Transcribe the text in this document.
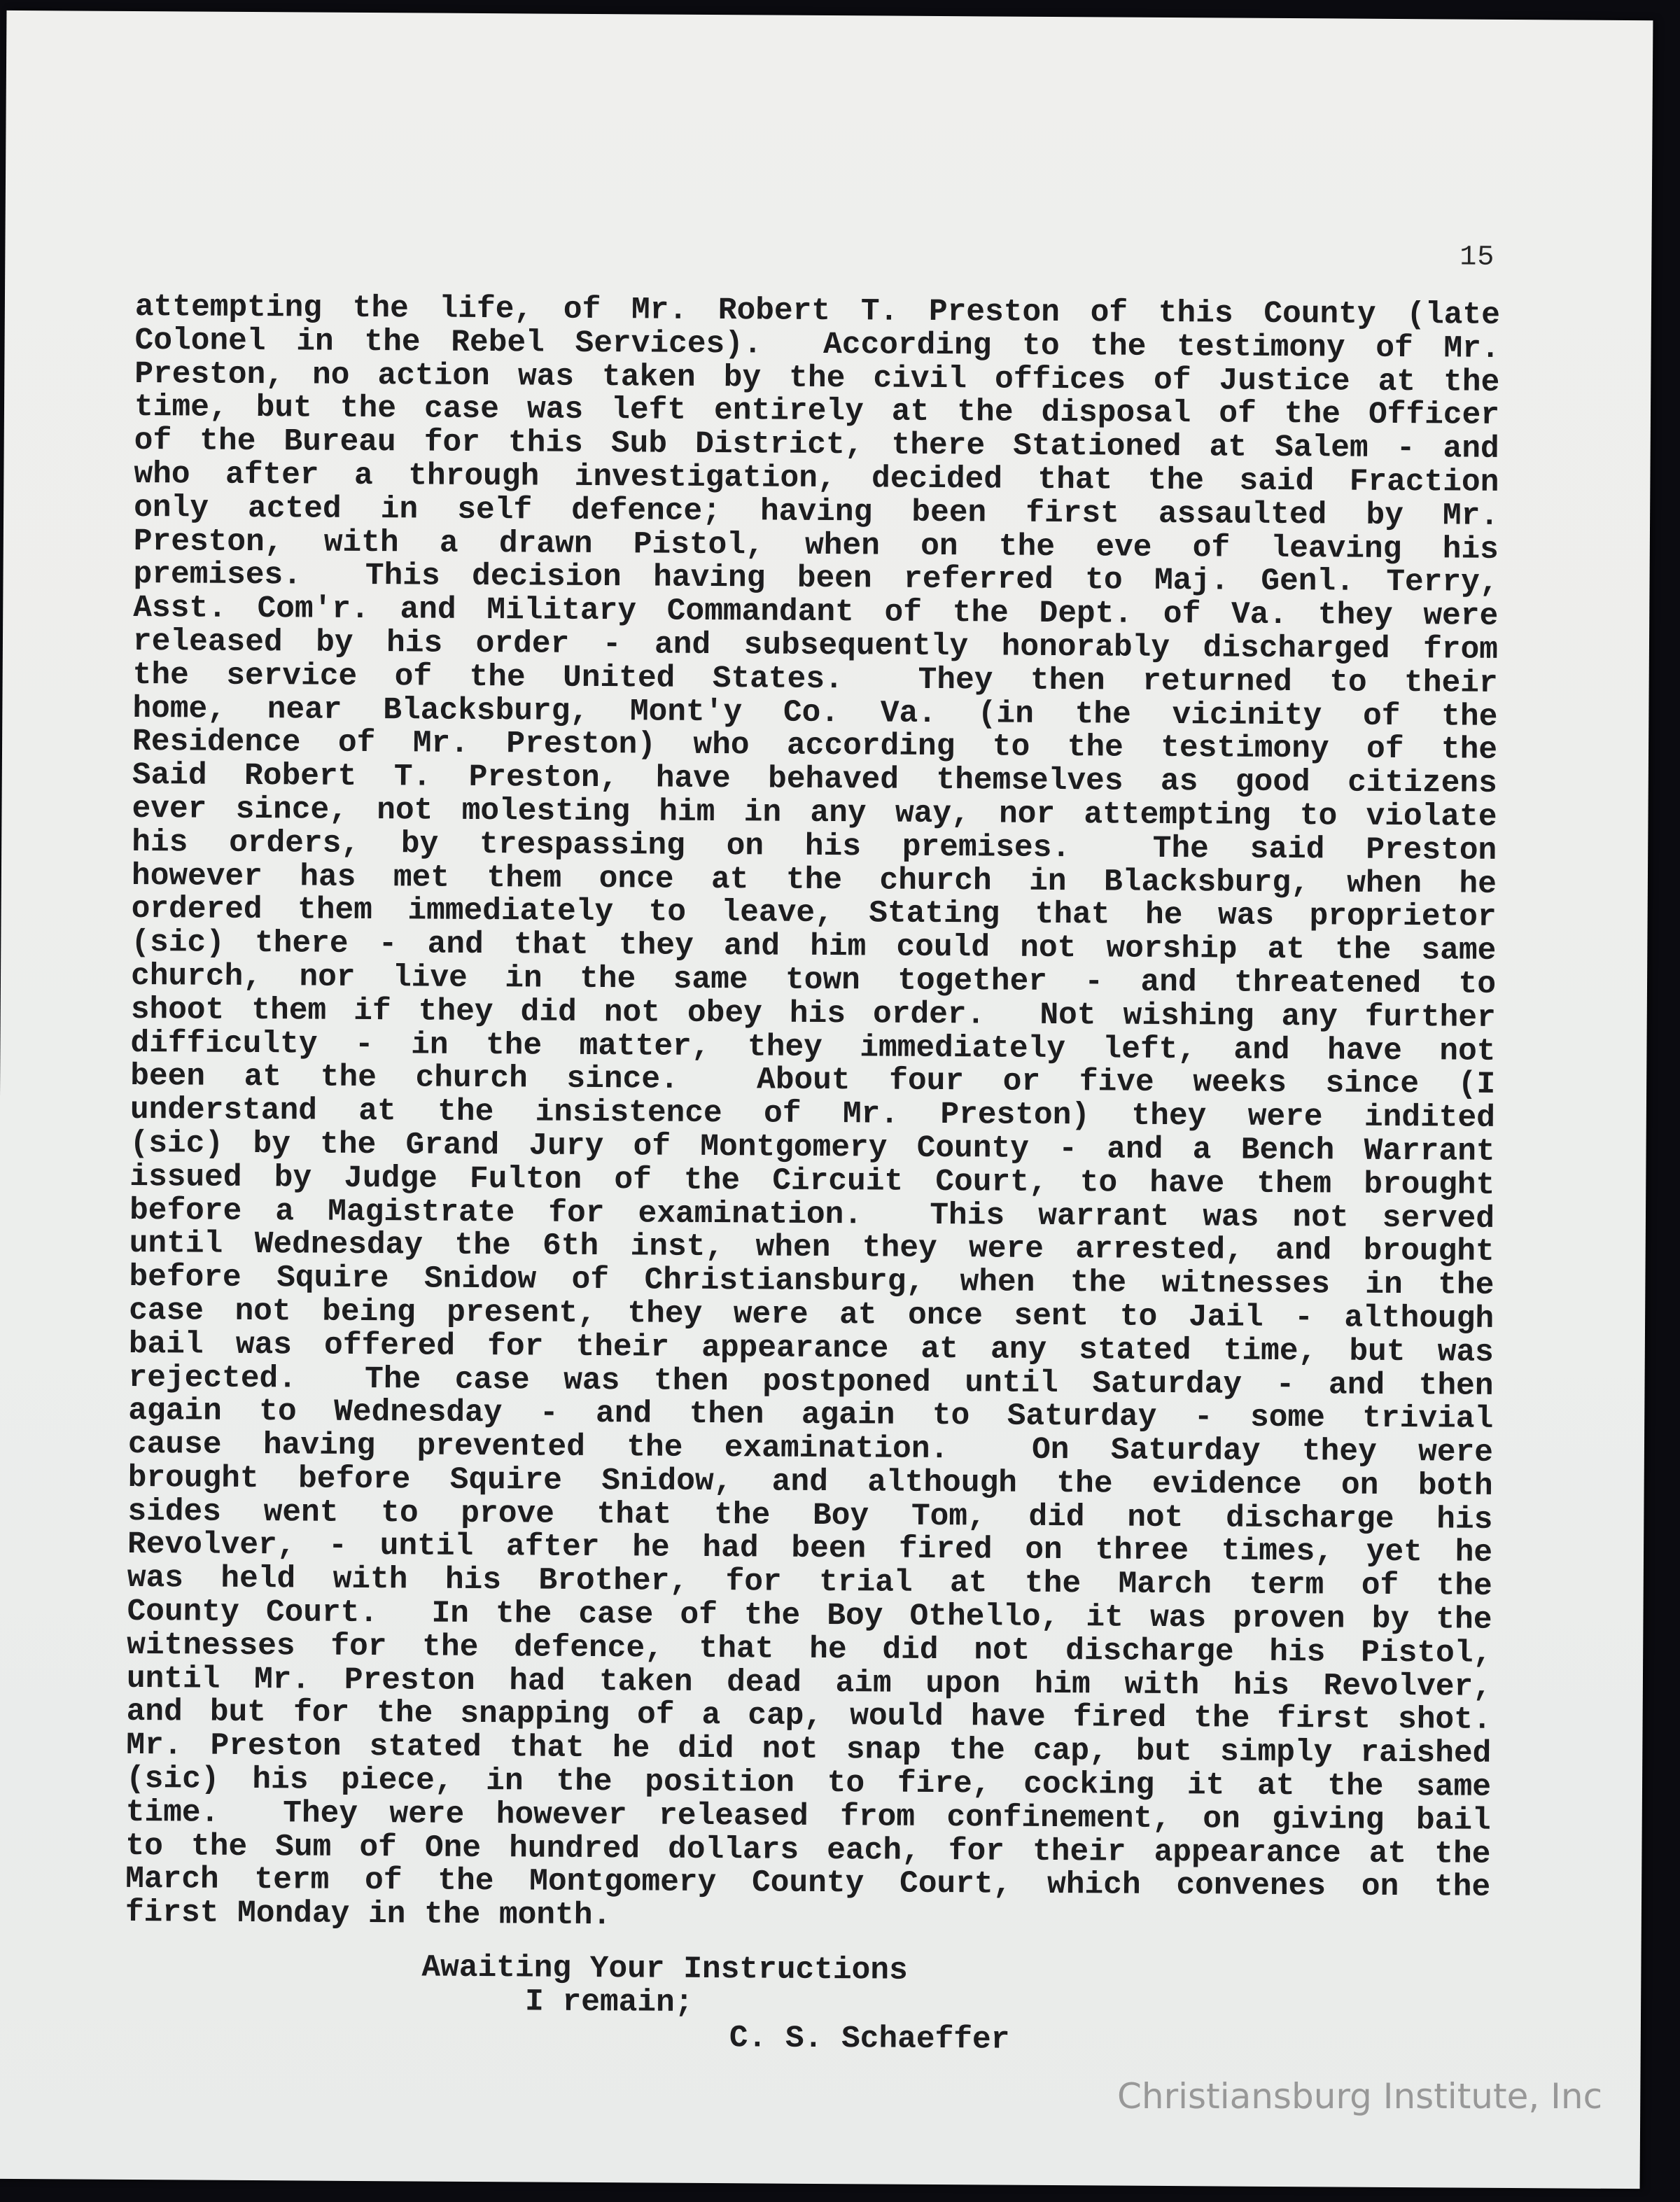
15
attempting the life, of Mr. Robert T. Preston of this County (late
Colonel in the Rebel Services).  According to the testimony of Mr.
Preston, no action was taken by the civil offices of Justice at the
time, but the case was left entirely at the disposal of the Officer
of the Bureau for this Sub District, there Stationed at Salem - and
who after a through investigation, decided that the said Fraction
only acted in self defence; having been first assaulted by Mr.
Preston, with a drawn Pistol, when on the eve of leaving his
premises.  This decision having been referred to Maj. Genl. Terry,
Asst. Com'r. and Military Commandant of the Dept. of Va. they were
released by his order - and subsequently honorably discharged from
the service of the United States.  They then returned to their
home, near Blacksburg, Mont'y Co. Va. (in the vicinity of the
Residence of Mr. Preston) who according to the testimony of the
Said Robert T. Preston, have behaved themselves as good citizens
ever since, not molesting him in any way, nor attempting to violate
his orders, by trespassing on his premises.  The said Preston
however has met them once at the church in Blacksburg, when he
ordered them immediately to leave, Stating that he was proprietor
(sic) there - and that they and him could not worship at the same
church, nor live in the same town together - and threatened to
shoot them if they did not obey his order.  Not wishing any further
difficulty - in the matter, they immediately left, and have not
been at the church since.  About four or five weeks since (I
understand at the insistence of Mr. Preston) they were indited
(sic) by the Grand Jury of Montgomery County - and a Bench Warrant
issued by Judge Fulton of the Circuit Court, to have them brought
before a Magistrate for examination.  This warrant was not served
until Wednesday the 6th inst, when they were arrested, and brought
before Squire Snidow of Christiansburg, when the witnesses in the
case not being present, they were at once sent to Jail - although
bail was offered for their appearance at any stated time, but was
rejected.  The case was then postponed until Saturday - and then
again to Wednesday - and then again to Saturday - some trivial
cause having prevented the examination.  On Saturday they were
brought before Squire Snidow, and although the evidence on both
sides went to prove that the Boy Tom, did not discharge his
Revolver, - until after he had been fired on three times, yet he
was held with his Brother, for trial at the March term of the
County Court.  In the case of the Boy Othello, it was proven by the
witnesses for the defence, that he did not discharge his Pistol,
until Mr. Preston had taken dead aim upon him with his Revolver,
and but for the snapping of a cap, would have fired the first shot.
Mr. Preston stated that he did not snap the cap, but simply raished
(sic) his piece, in the position to fire, cocking it at the same
time.  They were however released from confinement, on giving bail
to the Sum of One hundred dollars each, for their appearance at the
March term of the Montgomery County Court, which convenes on the
first Monday in the month.
Awaiting Your Instructions
I remain;
C. S. Schaeffer
Christiansburg Institute, Inc
